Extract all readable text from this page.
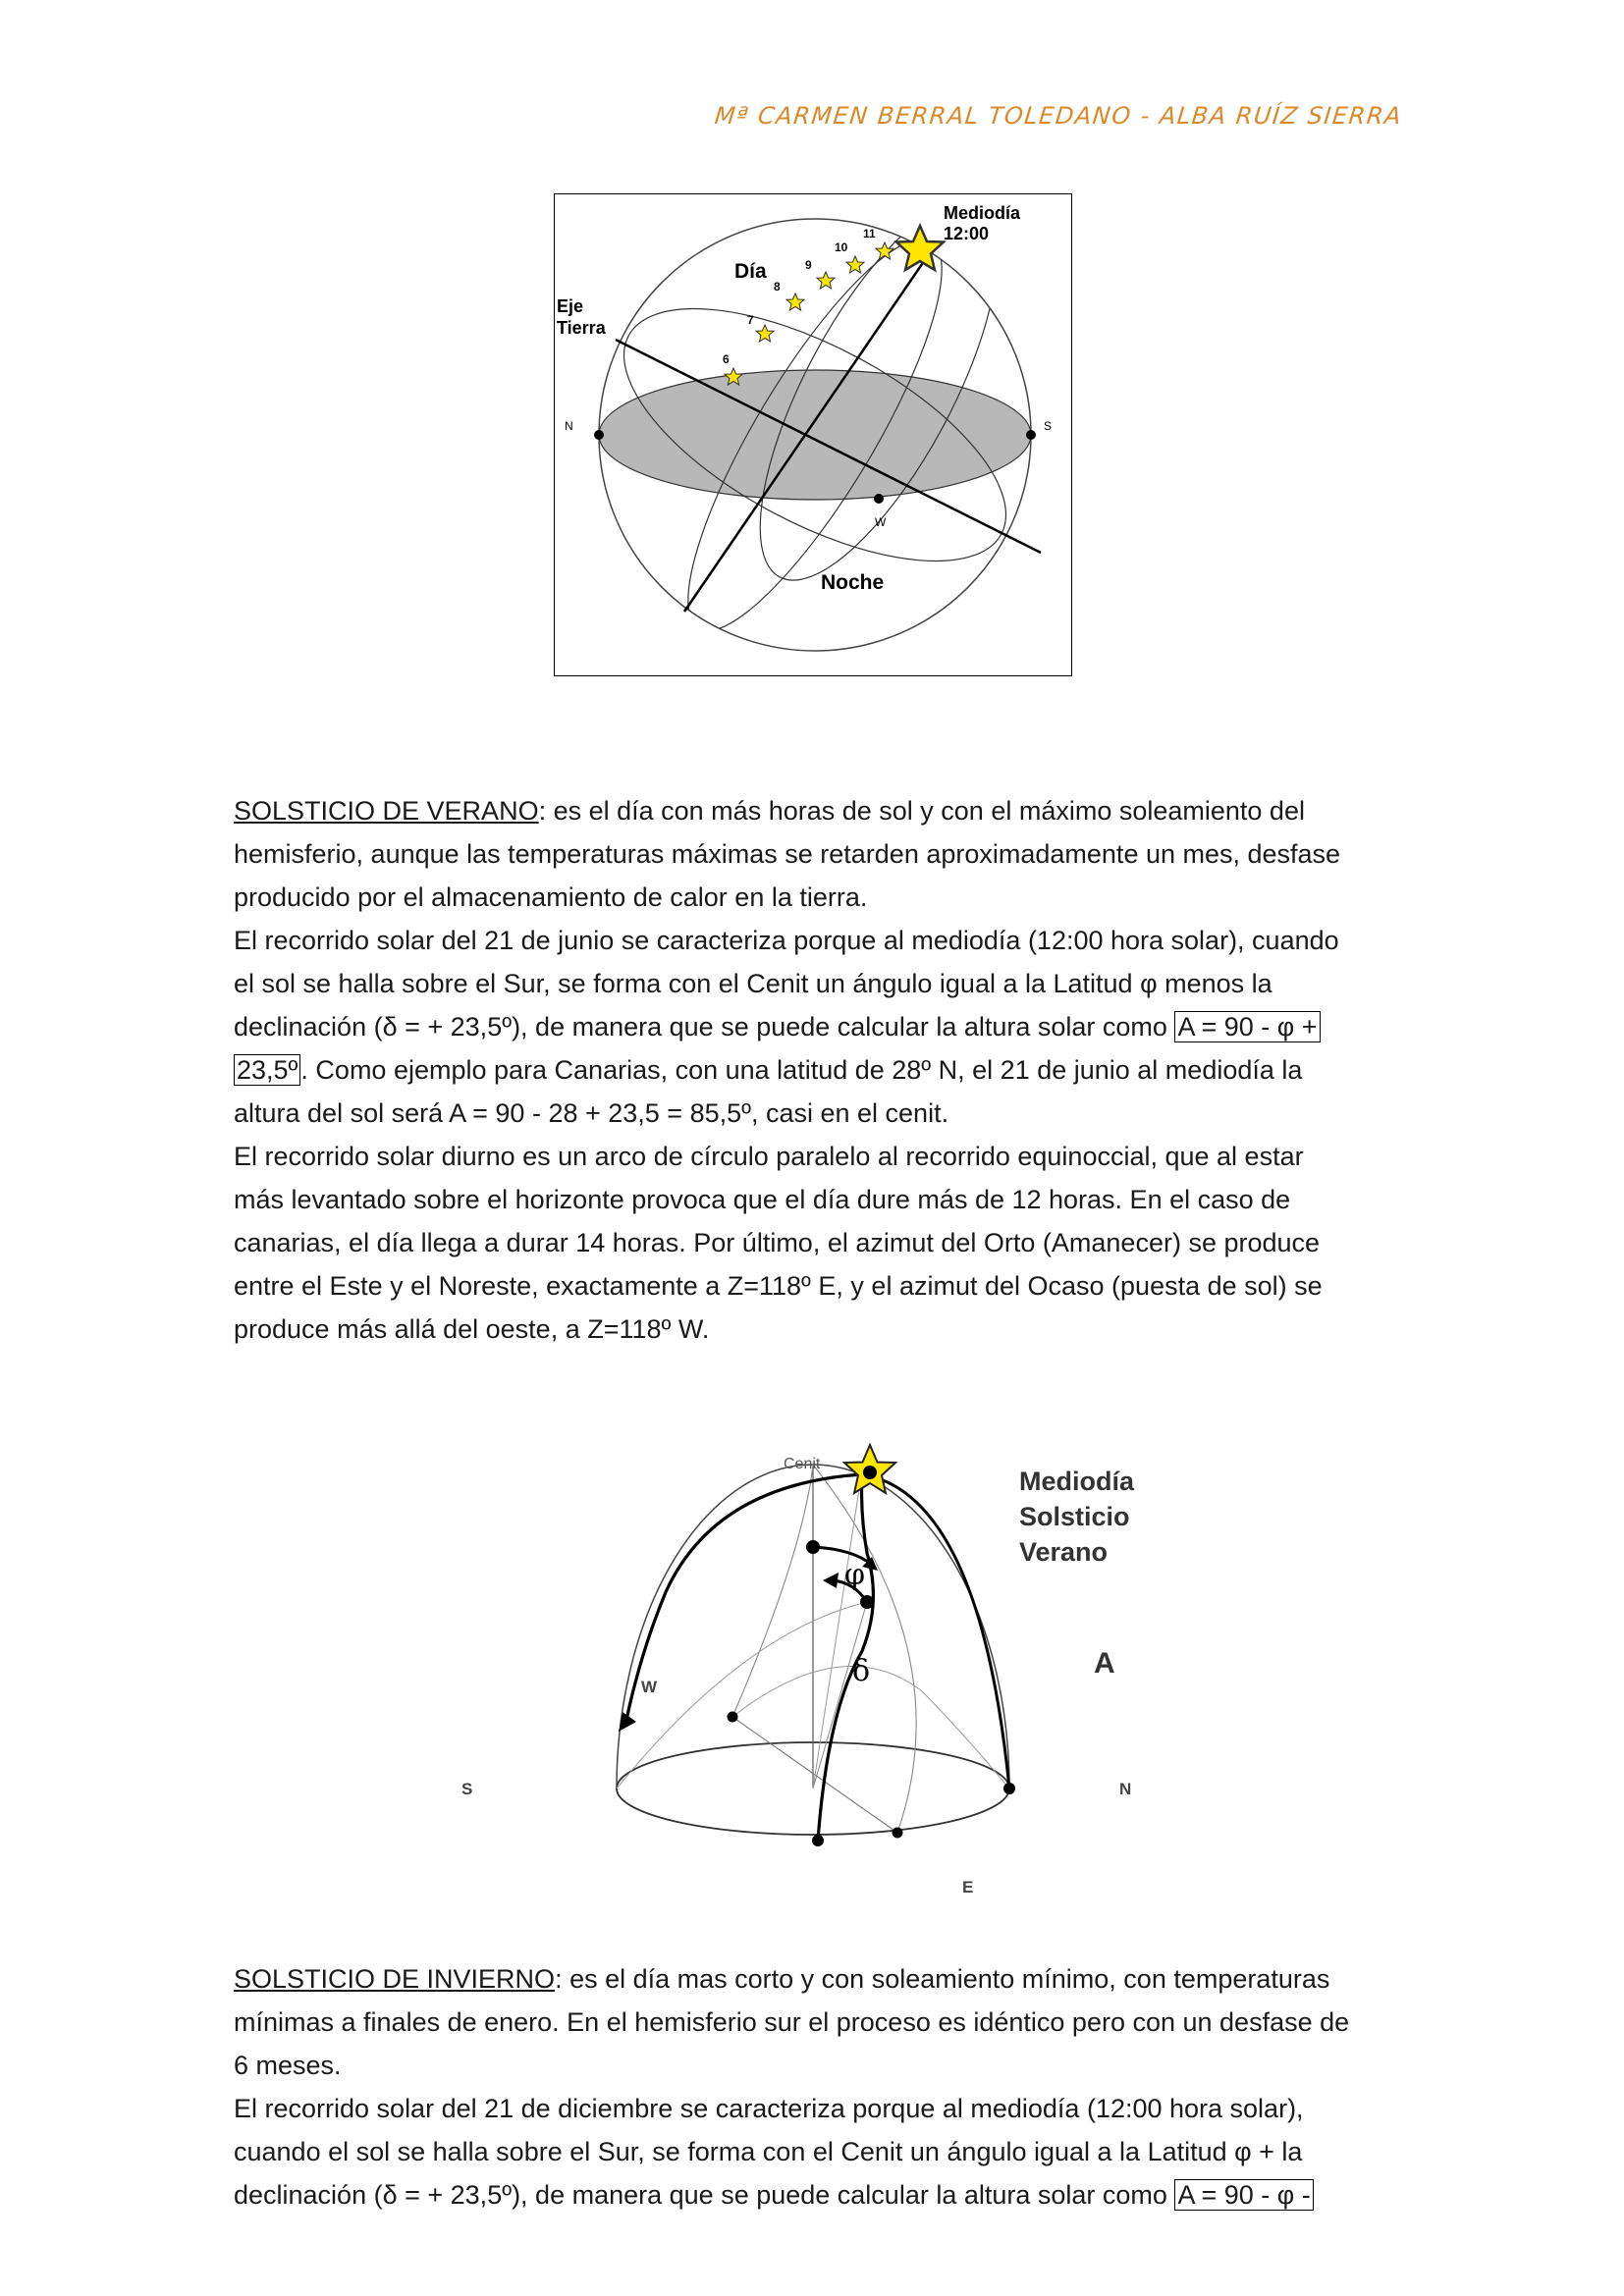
Mª CARMEN BERRAL TOLEDANO - ALBA RUÍZ SIERRA
Mediodía
12:00
Día
Eje
Tierra
Noche
N	S
W
6
7
8
9
10
11

SOLSTICIO DE VERANO: es el día con más horas de sol y con el máximo soleamiento del

hemisferio, aunque las temperaturas máximas se retarden aproximadamente un mes, desfase

producido por el almacenamiento de calor en la tierra.

El recorrido solar del 21 de junio se caracteriza porque al mediodía (12:00 hora solar), cuando

el sol se halla sobre el Sur, se forma con el Cenit un ángulo igual a la Latitud φ menos la

declinación (δ = + 23,5º), de manera que se puede calcular la altura solar como A = 90 - φ +

23,5º . Como ejemplo para Canarias, con una latitud de 28º N, el 21 de junio al mediodía la

altura del sol será A = 90 - 28 + 23,5 = 85,5º, casi en el cenit.

El recorrido solar diurno es un arco de círculo paralelo al recorrido equinoccial, que al estar

más levantado sobre el horizonte provoca que el día dure más de 12 horas. En el caso de

canarias, el día llega a durar 14 horas. Por último, el azimut del Orto (Amanecer) se produce

entre el Este y el Noreste, exactamente a Z=118º E, y el azimut del Ocaso (puesta de sol) se

produce más allá del oeste, a Z=118º W.

Cenit
Mediodía
Solsticio
Verano
φ
δ	A
W
S	N
E

SOLSTICIO DE INVIERNO: es el día mas corto y con soleamiento mínimo, con temperaturas

mínimas a finales de enero. En el hemisferio sur el proceso es idéntico pero con un desfase de

6 meses.

El recorrido solar del 21 de diciembre se caracteriza porque al mediodía (12:00 hora solar),

cuando el sol se halla sobre el Sur, se forma con el Cenit un ángulo igual a la Latitud φ + la

declinación (δ = + 23,5º), de manera que se puede calcular la altura solar como A = 90 - φ -
